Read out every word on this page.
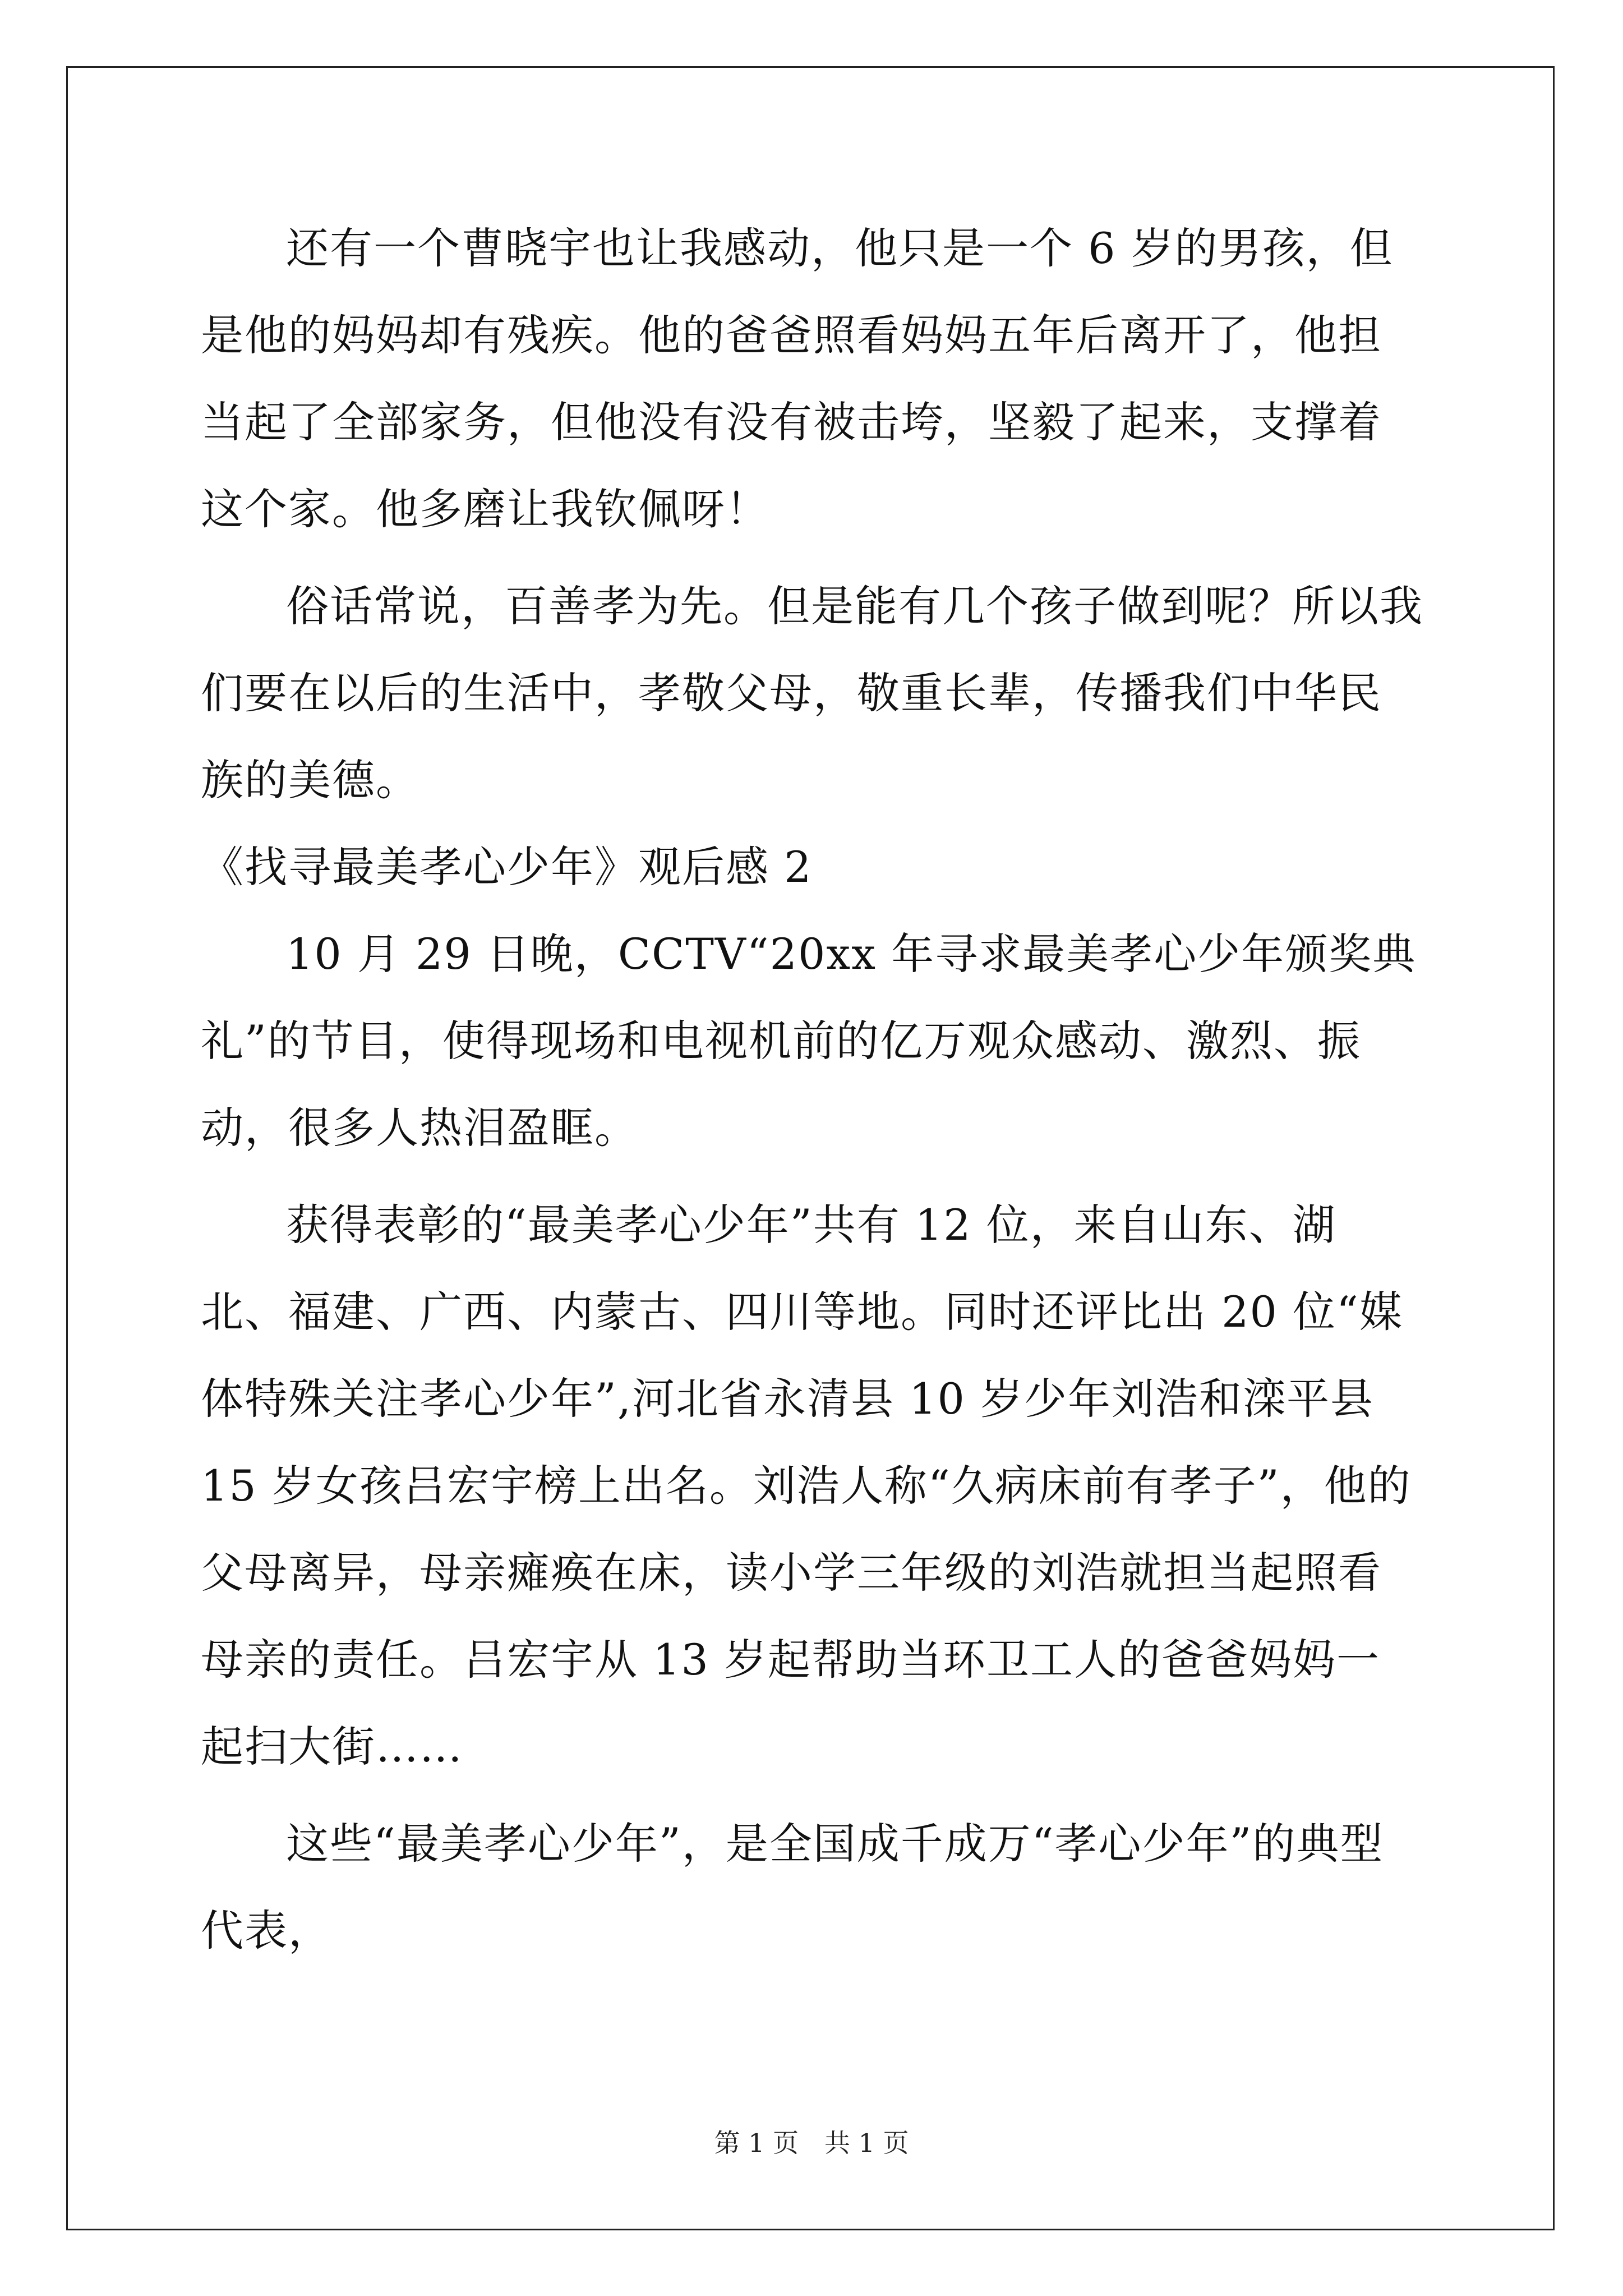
还有一个曹晓宇也让我感动，他只是一个 6 岁的男孩，但是他的妈妈却有残疾。他的爸爸照看妈妈五年后离开了，他担当起了全部家务，但他没有没有被击垮，坚毅了起来，支撑着这个家。他多磨让我钦佩呀！

俗话常说，百善孝为先。但是能有几个孩子做到呢？所以我们要在以后的生活中，孝敬父母，敬重长辈，传播我们中华民族的美德。

《找寻最美孝心少年》观后感 2

10 月 29 日晚，CCTV“20xx 年寻求最美孝心少年颁奖典礼”的节目，使得现场和电视机前的亿万观众感动、激烈、振动，很多人热泪盈眶。

获得表彰的“最美孝心少年”共有 12 位，来自山东、湖北、福建、广西、内蒙古、四川等地。同时还评比出 20 位“媒体特殊关注孝心少年”,河北省永清县 10 岁少年刘浩和滦平县 15 岁女孩吕宏宇榜上出名。刘浩人称“久病床前有孝子”，他的父母离异，母亲瘫痪在床，读小学三年级的刘浩就担当起照看母亲的责任。吕宏宇从 13 岁起帮助当环卫工人的爸爸妈妈一起扫大街……

这些“最美孝心少年”，是全国成千成万“孝心少年”的典型代表，

第 1 页　共 1 页
